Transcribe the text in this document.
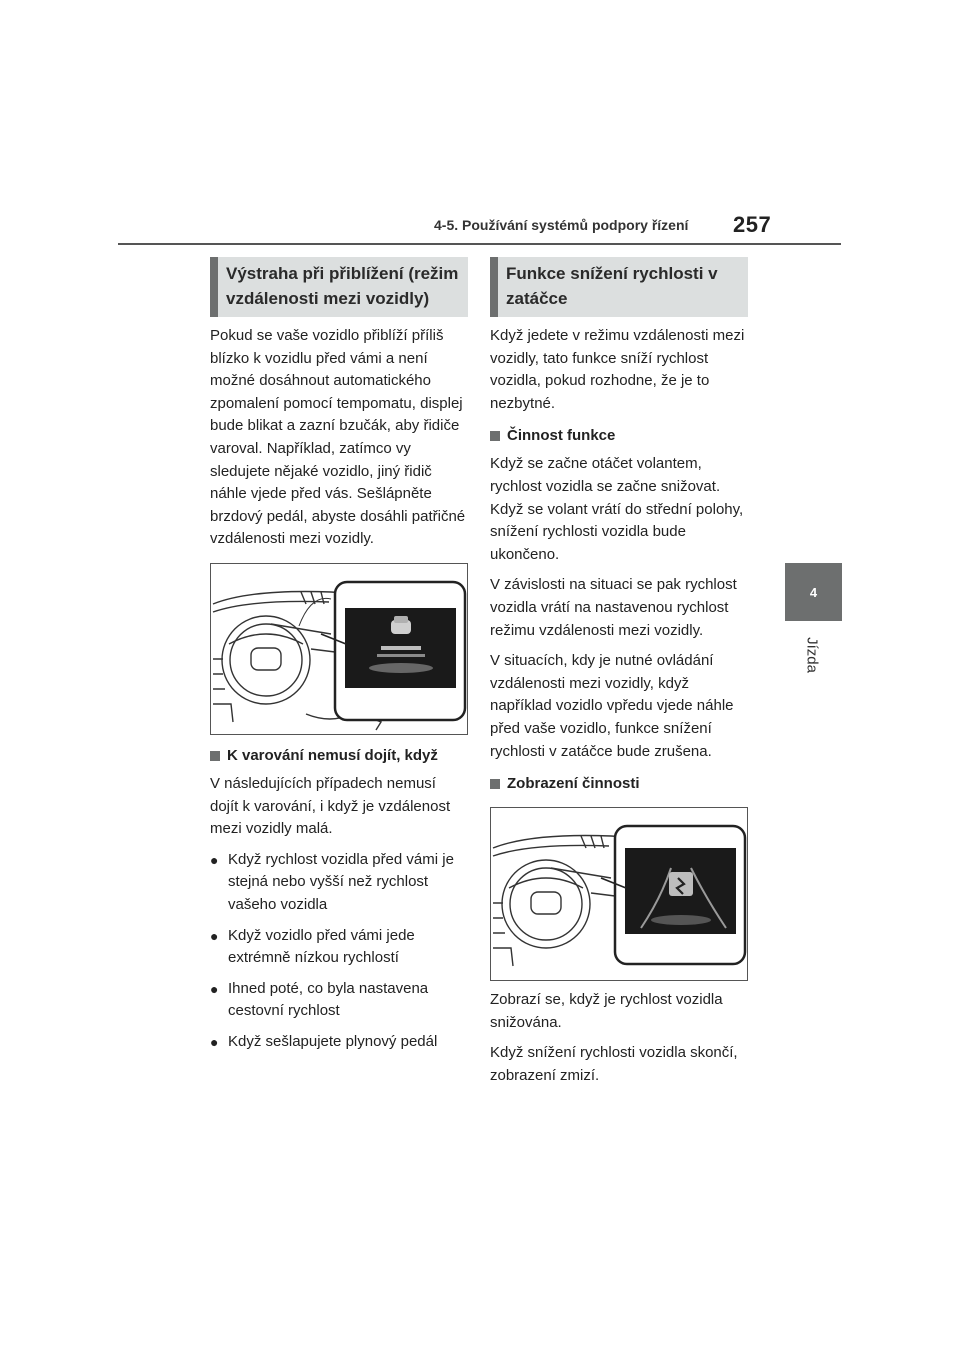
4-5. Používání systémů podpory řízení 257
4
Jízda
Výstraha při přiblížení (režim vzdálenosti mezi vozidly)

Pokud se vaše vozidlo přiblíží příliš blízko k vozidlu před vámi a není možné dosáhnout automatického zpomalení pomocí tempomatu, displej bude blikat a zazní bzučák, aby řidiče varoval. Například, zatímco vy sledujete nějaké vozidlo, jiný řidič náhle vjede před vás. Sešlápněte brzdový pedál, abyste dosáhli patřičné vzdálenosti mezi vozidly.

K varování nemusí dojít, když

V následujících případech nemusí dojít k varování, i když je vzdálenost mezi vozidly malá.

● Když rychlost vozidla před vámi je stejná nebo vyšší než rychlost vašeho vozidla
● Když vozidlo před vámi jede extrémně nízkou rychlostí
● Ihned poté, co byla nastavena cestovní rychlost
● Když sešlapujete plynový pedál
Funkce snížení rychlosti v zatáčce

Když jedete v režimu vzdálenosti mezi vozidly, tato funkce sníží rychlost vozidla, pokud rozhodne, že je to nezbytné.

Činnost funkce

Když se začne otáčet volantem, rychlost vozidla se začne snižovat. Když se volant vrátí do střední polohy, snížení rychlosti vozidla bude ukončeno.

V závislosti na situaci se pak rychlost vozidla vrátí na nastavenou rychlost režimu vzdálenosti mezi vozidly.

V situacích, kdy je nutné ovládání vzdálenosti mezi vozidly, když například vozidlo vpředu vjede náhle před vaše vozidlo, funkce snížení rychlosti v zatáčce bude zrušena.

Zobrazení činnosti

Zobrazí se, když je rychlost vozidla snižována.

Když snížení rychlosti vozidla skončí, zobrazení zmizí.
